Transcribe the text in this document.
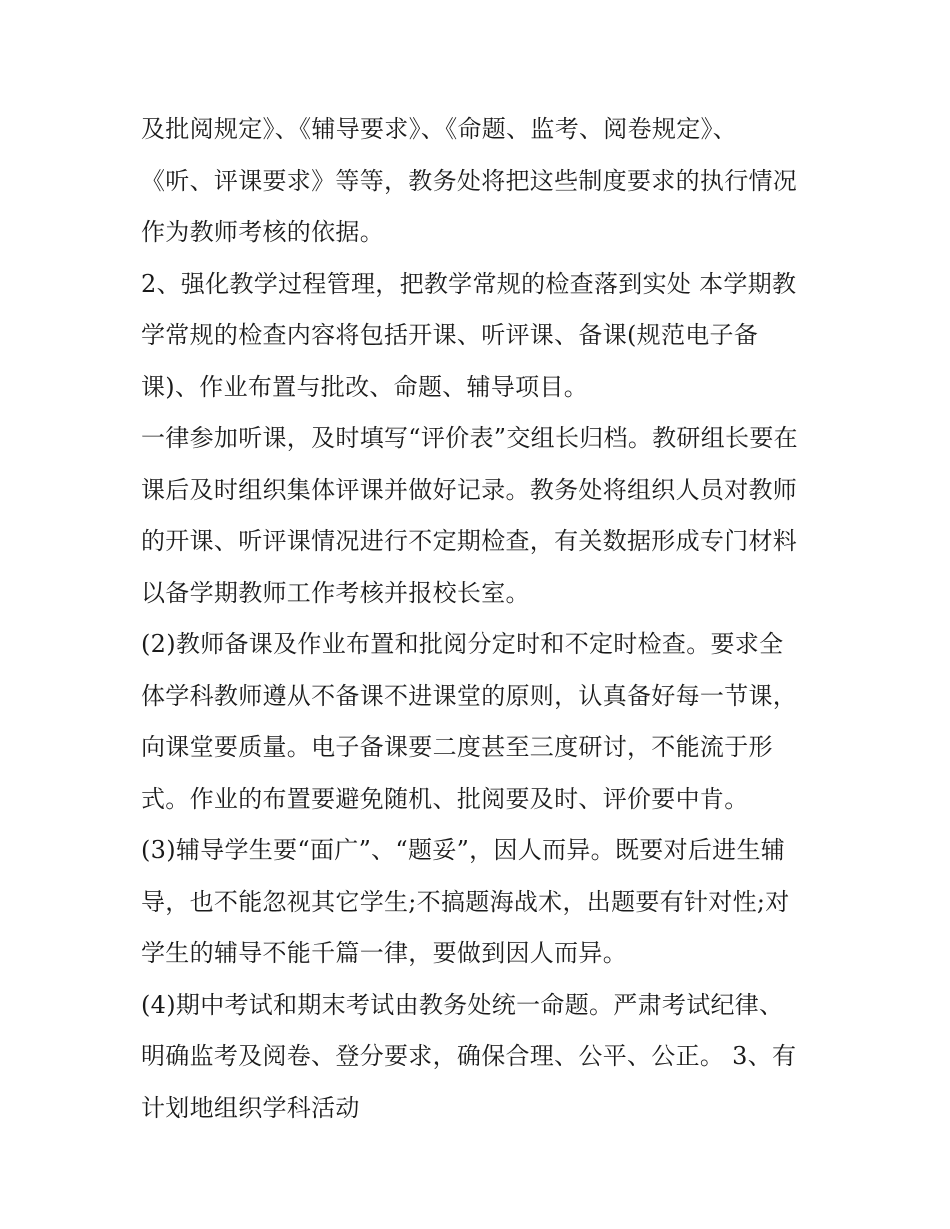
及批阅规定》、《辅导要求》、《命题、监考、阅卷规定》、
《听、评课要求》等等，教务处将把这些制度要求的执行情况
作为教师考核的依据。
2、强化教学过程管理，把教学常规的检查落到实处 本学期教
学常规的检查内容将包括开课、听评课、备课(规范电子备
课)、作业布置与批改、命题、辅导项目。
一律参加听课，及时填写“评价表”交组长归档。教研组长要在
课后及时组织集体评课并做好记录。教务处将组织人员对教师
的开课、听评课情况进行不定期检查，有关数据形成专门材料
以备学期教师工作考核并报校长室。
(2)教师备课及作业布置和批阅分定时和不定时检查。要求全
体学科教师遵从不备课不进课堂的原则，认真备好每一节课，
向课堂要质量。电子备课要二度甚至三度研讨，不能流于形
式。作业的布置要避免随机、批阅要及时、评价要中肯。
(3)辅导学生要“面广”、“题妥”，因人而异。既要对后进生辅
导，也不能忽视其它学生;不搞题海战术，出题要有针对性;对
学生的辅导不能千篇一律，要做到因人而异。
(4)期中考试和期末考试由教务处统一命题。严肃考试纪律、
明确监考及阅卷、登分要求，确保合理、公平、公正。 3、有
计划地组织学科活动
